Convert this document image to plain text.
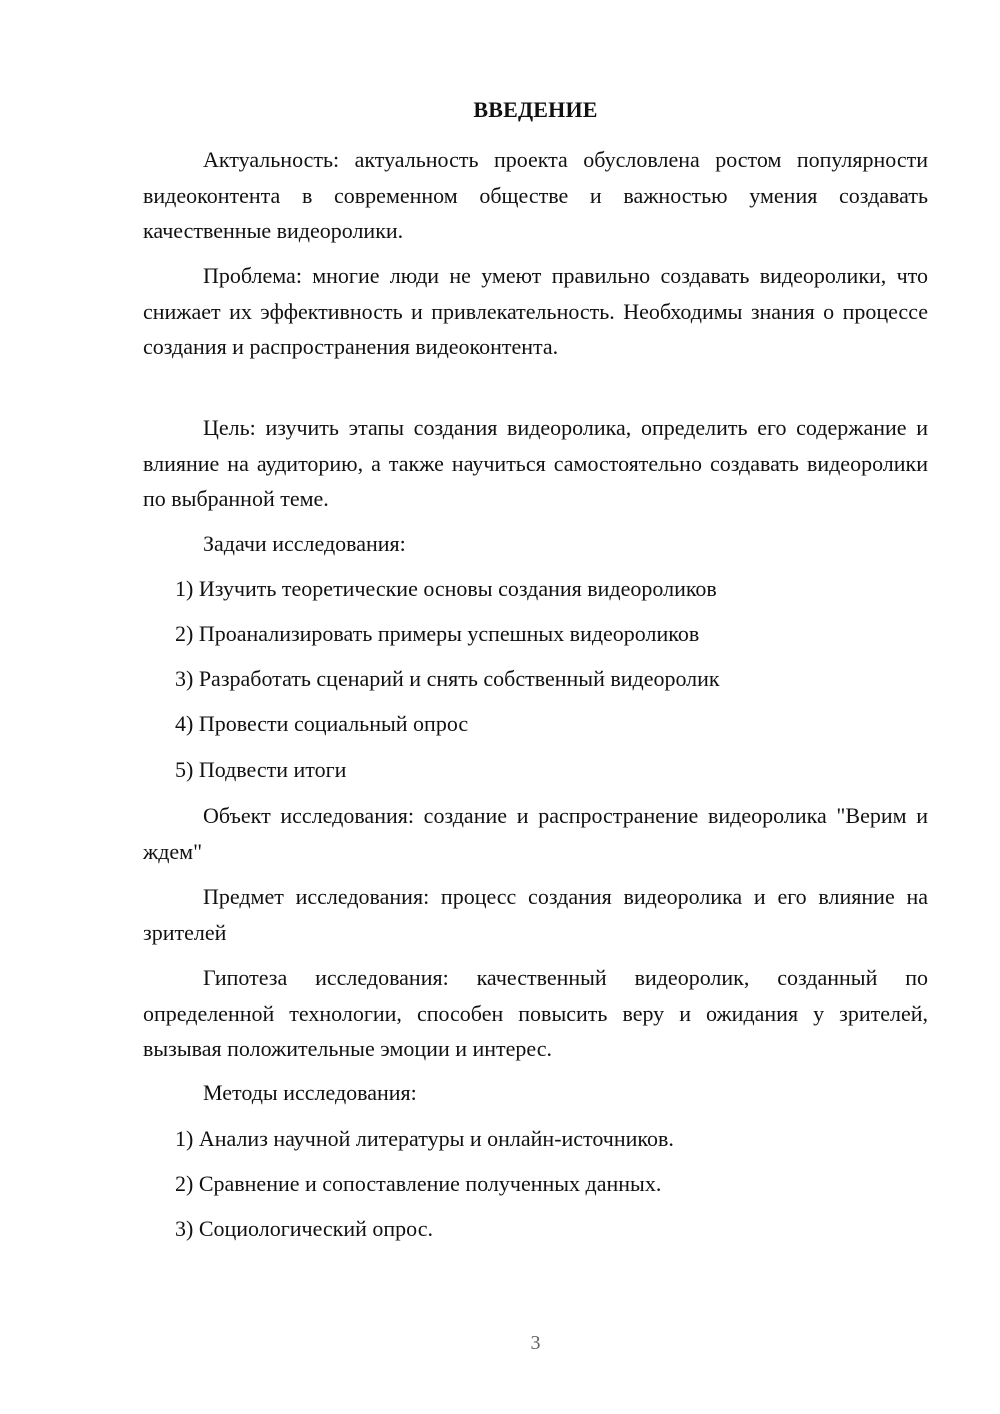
ВВЕДЕНИЕ

Актуальность: актуальность проекта обусловлена ростом популярности видеоконтента в современном обществе и важностью умения создавать качественные видеоролики.

Проблема: многие люди не умеют правильно создавать видеоролики, что снижает их эффективность и привлекательность. Необходимы знания о процессе создания и распространения видеоконтента.

Цель: изучить этапы создания видеоролика, определить его содержание и влияние на аудиторию, а также научиться самостоятельно создавать видеоролики по выбранной теме.

Задачи исследования:

1) Изучить теоретические основы создания видеороликов

2) Проанализировать примеры успешных видеороликов

3) Разработать сценарий и снять собственный видеоролик

4) Провести социальный опрос

5) Подвести итоги

Объект исследования: создание и распространение видеоролика "Верим и ждем"

Предмет исследования: процесс создания видеоролика и его влияние на зрителей

Гипотеза исследования: качественный видеоролик, созданный по определенной технологии, способен повысить веру и ожидания у зрителей, вызывая положительные эмоции и интерес.

Методы исследования:

1) Анализ научной литературы и онлайн-источников.

2) Сравнение и сопоставление полученных данных.

3) Социологический опрос.

3
